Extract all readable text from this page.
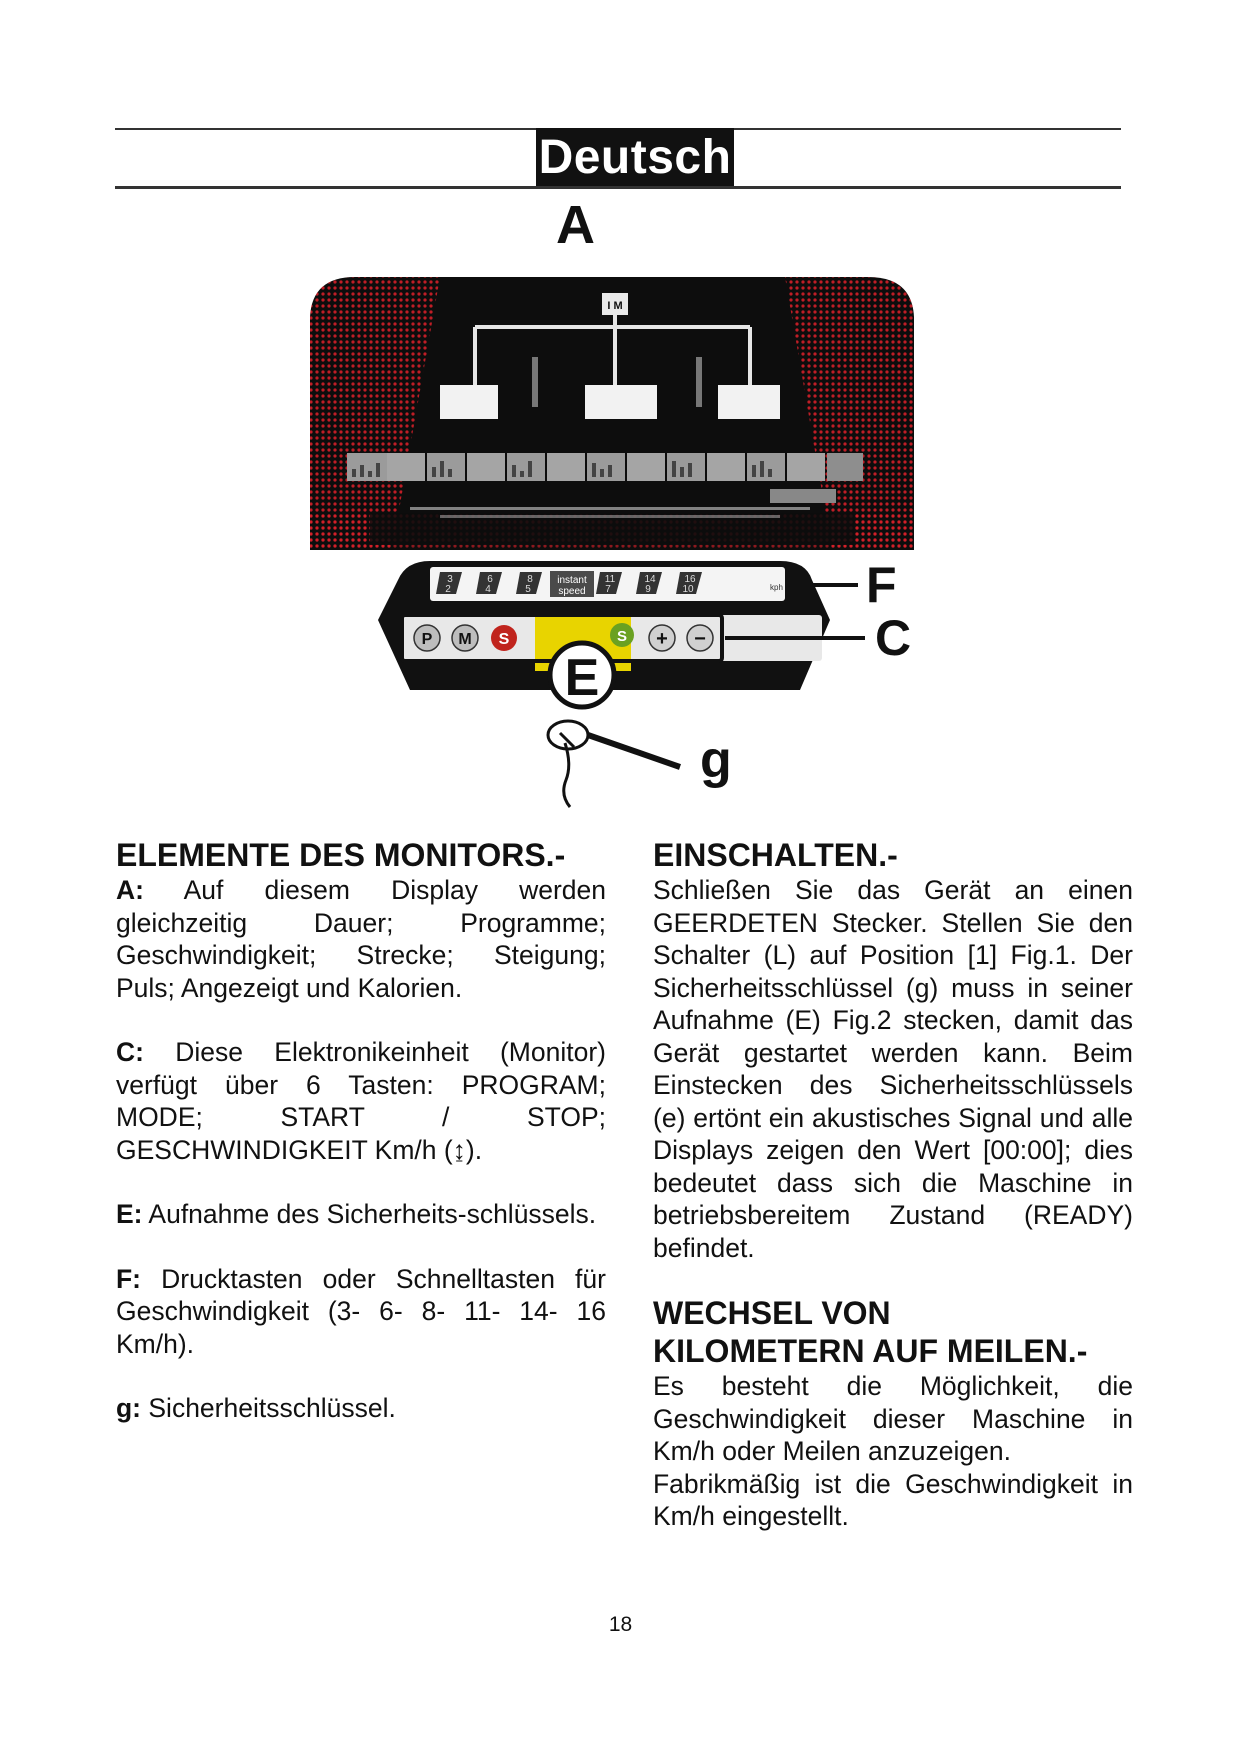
Deutsch
A
I M
3	6	8	11	14	16
2	4	5	7	9	10
instant
speed	kph
P M S	S + −
E
F
C
g
ELEMENTE DES MONITORS.-

A: Auf diesem Display werden gleichzeitig Dauer; Programme; Geschwindigkeit; Strecke; Steigung; Puls; Angezeigt und Kalorien.

C: Diese Elektronikeinheit (Monitor) verfügt über 6 Tasten: PROGRAM; MODE; START / STOP; GESCHWINDIGKEIT Km/h (↨).

E: Aufnahme des Sicherheits-schlüssels.

F: Drucktasten oder Schnelltasten für Geschwindigkeit (3- 6- 8- 11- 14- 16 Km/h).

g: Sicherheitsschlüssel.

EINSCHALTEN.-

Schließen Sie das Gerät an einen GEERDETEN Stecker. Stellen Sie den Schalter (L) auf Position [1] Fig.1. Der Sicherheitsschlüssel (g) muss in seiner Aufnahme (E) Fig.2 stecken, damit das Gerät gestartet werden kann. Beim Einstecken des Sicherheitsschlüssels (e) ertönt ein akustisches Signal und alle Displays zeigen den Wert [00:00]; dies bedeutet dass sich die Maschine in betriebsbereitem Zustand (READY) befindet.

WECHSEL VON
KILOMETERN AUF MEILEN.-

Es besteht die Möglichkeit, die Geschwindigkeit dieser Maschine in Km/h oder Meilen anzuzeigen.

Fabrikmäßig ist die Geschwindigkeit in Km/h eingestellt.

18
